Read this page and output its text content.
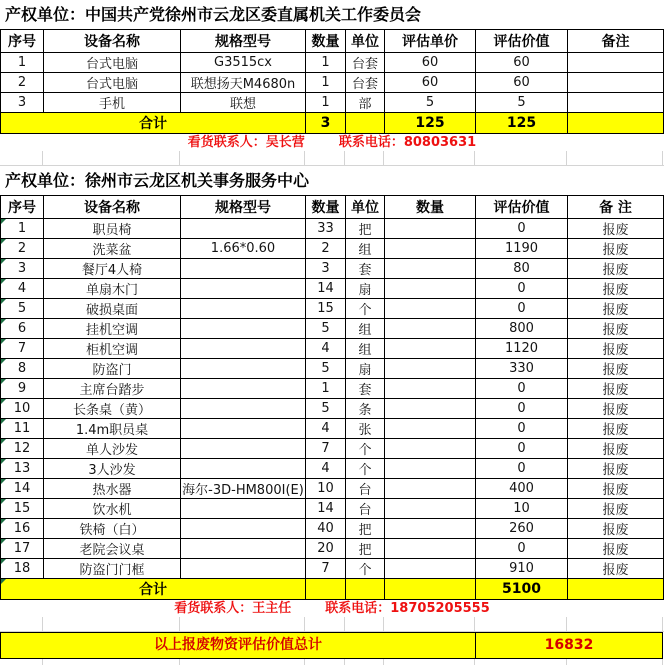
产权单位：中国共产党徐州市云龙区委直属机关工作委员会
序号	设备名称	规格型号	数量	单位	评估单价	评估价值	备注
1	台式电脑	G3515cx	1	台套	60	60	
2	台式电脑	联想扬天M4680n	1	台套	60	60	
3	手机	联想	1	部	5	5	
合计			3		125	125	
看货联系人：吴长营	联系电话：80803631
产权单位：徐州市云龙区机关事务服务中心
序号	设备名称	规格型号	数量	单位	数量	评估价值	备 注
1	职员椅		33	把		0	报废
2	洗菜盆	1.66*0.60	2	组		1190	报废
3	餐厅4人椅		3	套		80	报废
4	单扇木门		14	扇		0	报废
5	破损桌面		15	个		0	报废
6	挂机空调		5	组		800	报废
7	柜机空调		4	组		1120	报废
8	防盗门		5	扇		330	报废
9	主席台踏步		1	套		0	报废
10	长条桌（黄）		5	条		0	报废
11	1.4m职员桌		4	张		0	报废
12	单人沙发		7	个		0	报废
13	3人沙发		4	个		0	报废
14	热水器	海尔-3D-HM800I(E)	10	台		400	报废
15	饮水机		14	台		10	报废
16	铁椅（白）		40	把		260	报废
17	老院会议桌		20	把		0	报废
18	防盗门门框		7	个		910	报废
合计						5100	
看货联系人：王主任	联系电话：18705205555
以上报废物资评估价值总计	16832
